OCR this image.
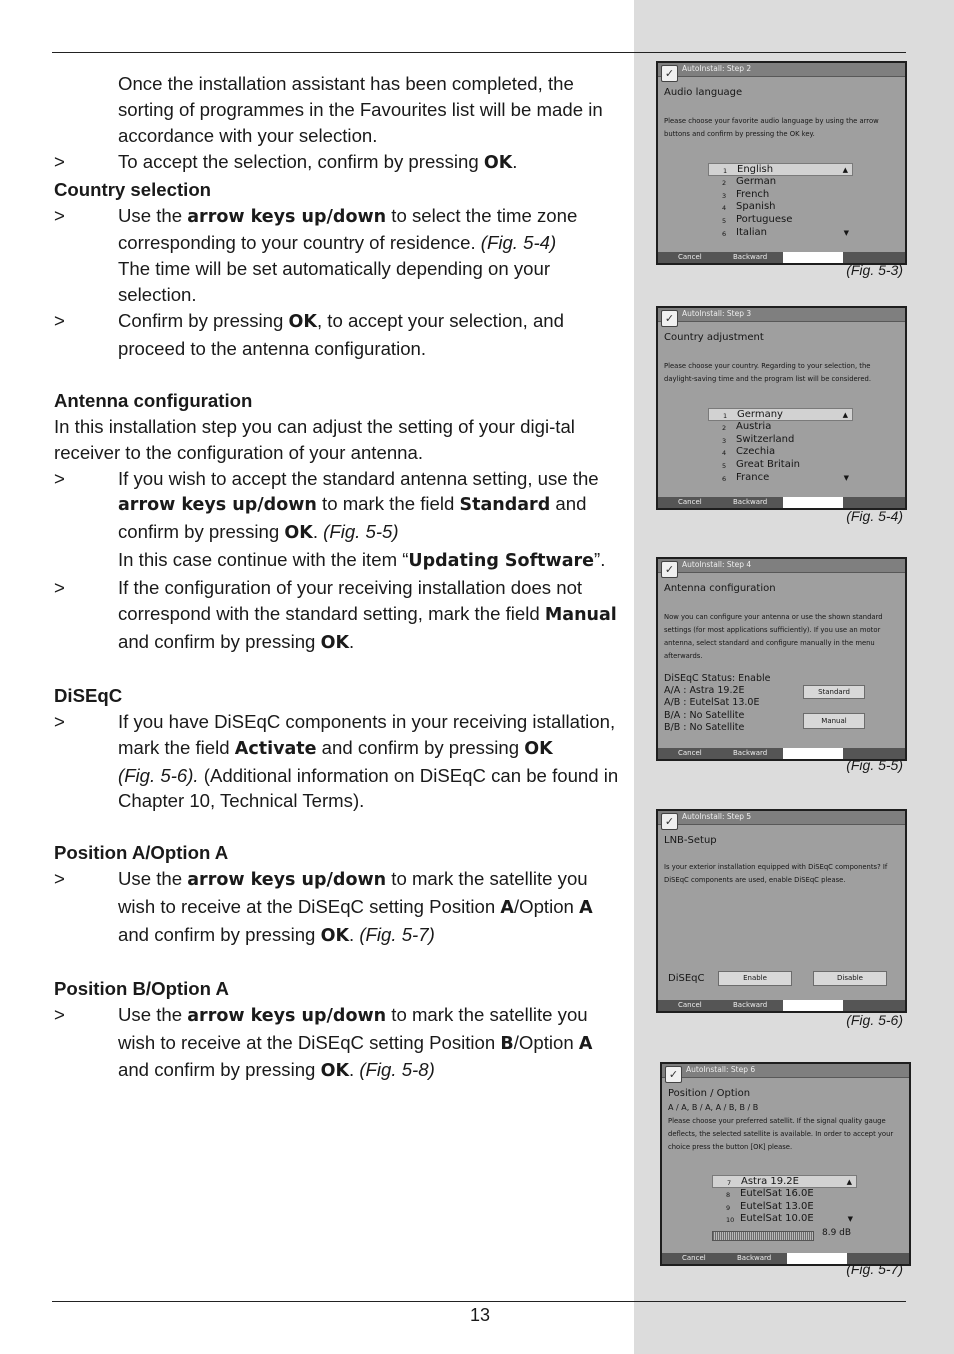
Once the installation assistant has been completed, the sorting of programmes in the Favourites list will be made in accordance with your selection.

>	To accept the selection, confirm by pressing OK.

Country selection

>	Use the arrow keys up/down to select the time zone corresponding to your country of residence. (Fig. 5-4)

The time will be set automatically depending on your selection.

>	Confirm by pressing OK, to accept your selection, and proceed to the antenna configuration.

Antenna configuration

In this installation step you can adjust the setting of your digi-tal receiver to the configuration of your antenna.

>	If you wish to accept the standard antenna setting, use the arrow keys up/down to mark the field Standard and confirm by pressing OK. (Fig. 5-5)

In this case continue with the item “Updating Software”.

>	If the configuration of your receiving installation does not correspond with the standard setting, mark the field Manual and confirm by pressing OK.

DiSEqC

>	If you have DiSEqC components in your receiving istallation, mark the field Activate and confirm by pressing OK

(Fig. 5-6). (Additional information on DiSEqC can be found in Chapter 10, Technical Terms).

Position A/Option A

>	Use the arrow keys up/down to mark the satellite you wish to receive at the DiSEqC setting Position A/Option A and confirm by pressing OK. (Fig. 5-7)

Position B/Option A

>	Use the arrow keys up/down to mark the satellite you wish to receive at the DiSEqC setting Position B/Option A and confirm by pressing OK. (Fig. 5-8)

13
✓	AutoInstall: Step 2
Audio language
Please choose your favorite audio language by using the arrow buttons and confirm by pressing the OK key.
1 English	▲
2 German
3 French
4 Spanish
5 Portuguese
6 Italian	▼
Cancel	Backward
(Fig. 5-3)
✓	AutoInstall: Step 3
Country adjustment
Please choose your country. Regarding to your selection, the daylight-saving time and the program list will be considered.
1 Germany	▲
2 Austria
3 Switzerland
4 Czechia
5 Great Britain
6 France	▼
Cancel	Backward
(Fig. 5-4)
✓	AutoInstall: Step 4
Antenna configuration
Now you can configure your antenna or use the shown standard settings (for most applications sufficiently). If you use an motor antenna, select standard and configure manually in the menu afterwards.
DiSEqC Status: Enable
A/A : Astra 19.2E
A/B : EutelSat 13.0E
B/A : No Satellite
B/B : No Satellite
Standard
Manual
Cancel	Backward
(Fig. 5-5)
✓	AutoInstall: Step 5
LNB-Setup
Is your exterior installation equipped with DiSEqC components? If DiSEqC components are used, enable DiSEqC please.
DiSEqC	Enable	Disable
Cancel	Backward
(Fig. 5-6)
✓	AutoInstall: Step 6
Position / Option
A / A, B / A, A / B, B / B
Please choose your preferred satellit. If the signal quality gauge deflects, the selected satellite is available. In order to accept your choice press the button [OK] please.
7 Astra 19.2E	▲
8 EutelSat 16.0E
9 EutelSat 13.0E
10 EutelSat 10.0E	▼
8.9 dB
Cancel	Backward
(Fig. 5-7)
